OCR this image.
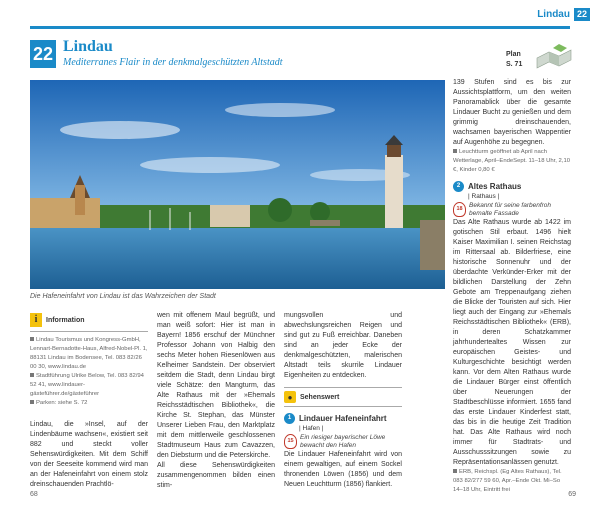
Lindau 22
22 Lindau
Mediterranes Flair in der denkmalgeschützten Altstadt
Plan
S. 71
Die Hafeneinfahrt von Lindau ist das Wahrzeichen der Stadt
i	Information
Lindau Tourismus und Kongress-GmbH, Lennart-Bernadotte-Haus, Alfred-Nobel-Pl. 1, 88131 Lindau im Bodensee, Tel. 083 82/26 00 30, www.lindau.de
Stadtführung Ulrike Below, Tel. 083 82/94 52 41, www.lindauer-gästeführer.de/gästeführer
Parken: siehe S. 72
Lindau, die »Insel, auf der Lindenbäume wachsen«, existiert seit 882 und steckt voller Sehenswürdigkeiten. Mit dem Schiff von der Seeseite kommend wird man an der Hafeneinfahrt von einem stolz dreinschauenden Prachtlö-
wen mit offenem Maul begrüßt, und man weiß sofort: Hier ist man in Bayern! 1856 erschuf der Münchner Professor Johann von Halbig den sechs Meter hohen Riesenlöwen aus Kelheimer Sandstein. Der observiert seitdem die Stadt, denn Lindau birgt viele Schätze: den Mangturm, das Alte Rathaus mit der »Ehemals Reichsstädtischen Bibliothek«, die Kirche St. Stephan, das Münster Unserer Lieben Frau, den Marktplatz mit dem mittlerweile geschlossenen Stadtmuseum Haus zum Cavazzen, den Diebsturm und die Peterskirche.
All diese Sehenswürdigkeiten zusammengenommen bilden einen stim-
mungsvollen und abwechslungsreichen Reigen und sind gut zu Fuß erreichbar. Daneben sind an jeder Ecke der denkmalgeschützten, malerischen Altstadt teils skurrile Lindauer Eigenheiten zu entdecken.
●	Sehenswert
1 Lindauer Hafeneinfahrt
| Hafen |
15 Ein riesiger bayerischer Löwe bewacht den Hafen
Die Lindauer Hafeneinfahrt wird von einem gewaltigen, auf einem Sockel thronenden Löwen (1856) und dem Neuen Leuchtturm (1856) flankiert.
139 Stufen sind es bis zur Aussichtsplattform, um den weiten Panoramablick über die gesamte Lindauer Bucht zu genießen und dem grimmig dreinschauenden, wachsamen bayerischen Wappentier auf Augenhöhe zu begegnen.
Leuchtturm geöffnet ab April nach Wetterlage, April–EndeSept. 11–18 Uhr, 2,10 €, Kinder 0,80 €
2 Altes Rathaus
| Rathaus |
18 Bekannt für seine farbenfroh bemalte Fassade
Das Alte Rathaus wurde ab 1422 im gotischen Stil erbaut. 1496 hielt Kaiser Maximilian I. seinen Reichstag im Rittersaal ab. Bilderfriese, eine historische Sonnenuhr und der überdachte Verkünder-Erker mit der bildlichen Darstellung der Zehn Gebote am Treppenaufgang ziehen die Blicke der Touristen auf sich. Hier liegt auch der Eingang zur »Ehemals Reichsstädtischen Bibliothek« (ERB), in deren Schatzkammer jahrhundertealtes Wissen zur europäischen Geistes- und Kulturgeschichte besichtigt werden kann. Vor dem Alten Rathaus wurde die Lindauer Bürger einst öffentlich über Neuerungen der Stadtbeschlüsse informiert. 1655 fand das erste Lindauer Kinderfest statt, das bis in die heutige Zeit Tradition hat. Das Alte Rathaus wird noch immer für Stadtrats- und Ausschusssitzungen sowie zu Repräsentationsanlässen genutzt.
ERB, Reichspl. (Eg Altes Rathaus), Tel. 083 82/277 59 60, Apr.–Ende Okt. Mi–So 14–18 Uhr, Eintritt frei
68	69
